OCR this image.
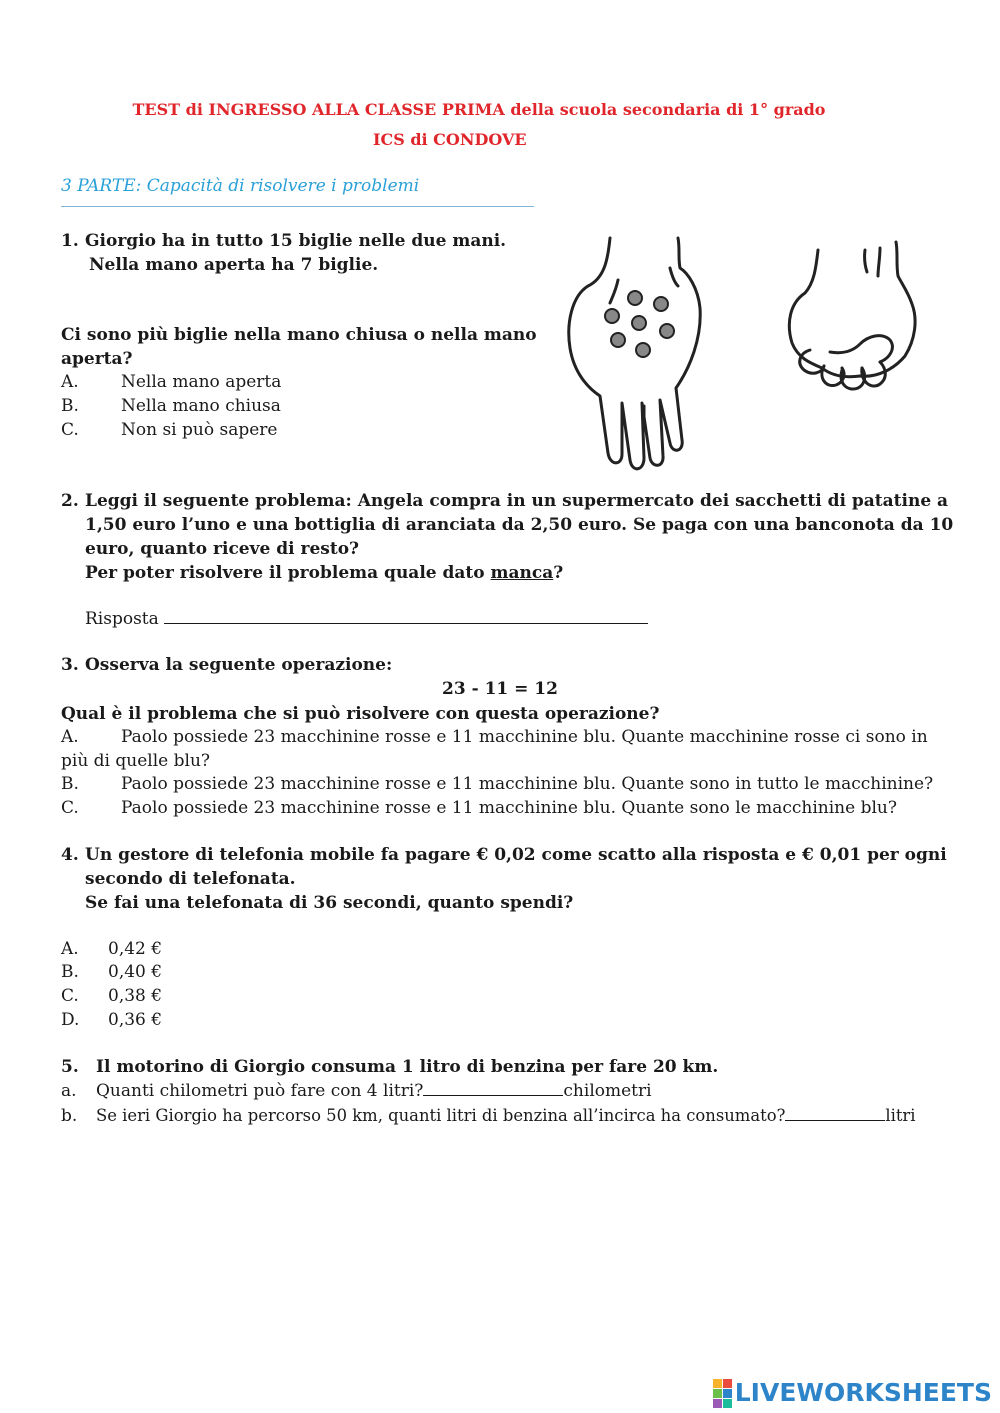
TEST di INGRESSO ALLA CLASSE PRIMA della scuola secondaria di 1° grado
ICS di CONDOVE
3 PARTE: Capacità di risolvere i problemi
1. Giorgio ha in tutto 15 biglie nelle due mani.
Nella mano aperta ha 7 biglie.
Ci sono più biglie nella mano chiusa o nella mano
aperta?
A. Nella mano aperta
B. Nella mano chiusa
C. Non si può sapere
2. Leggi il seguente problema: Angela compra in un supermercato dei sacchetti di patatine a
1,50 euro l’uno e una bottiglia di aranciata da 2,50 euro. Se paga con una banconota da 10
euro, quanto riceve di resto?
Per poter risolvere il problema quale dato manca?
Risposta
3. Osserva la seguente operazione:
23 - 11 = 12
Qual è il problema che si può risolvere con questa operazione?
A. Paolo possiede 23 macchinine rosse e 11 macchinine blu. Quante macchinine rosse ci sono in
più di quelle blu?
B. Paolo possiede 23 macchinine rosse e 11 macchinine blu. Quante sono in tutto le macchinine?
C. Paolo possiede 23 macchinine rosse e 11 macchinine blu. Quante sono le macchinine blu?
4. Un gestore di telefonia mobile fa pagare € 0,02 come scatto alla risposta e € 0,01 per ogni
secondo di telefonata.
Se fai una telefonata di 36 secondi, quanto spendi?
A. 0,42 €
B. 0,40 €
C. 0,38 €
D. 0,36 €
5. Il motorino di Giorgio consuma 1 litro di benzina per fare 20 km.
a. Quanti chilometri può fare con 4 litri?	chilometri
b. Se ieri Giorgio ha percorso 50 km, quanti litri di benzina all’incirca ha consumato?	litri
LIVEWORKSHEETS
